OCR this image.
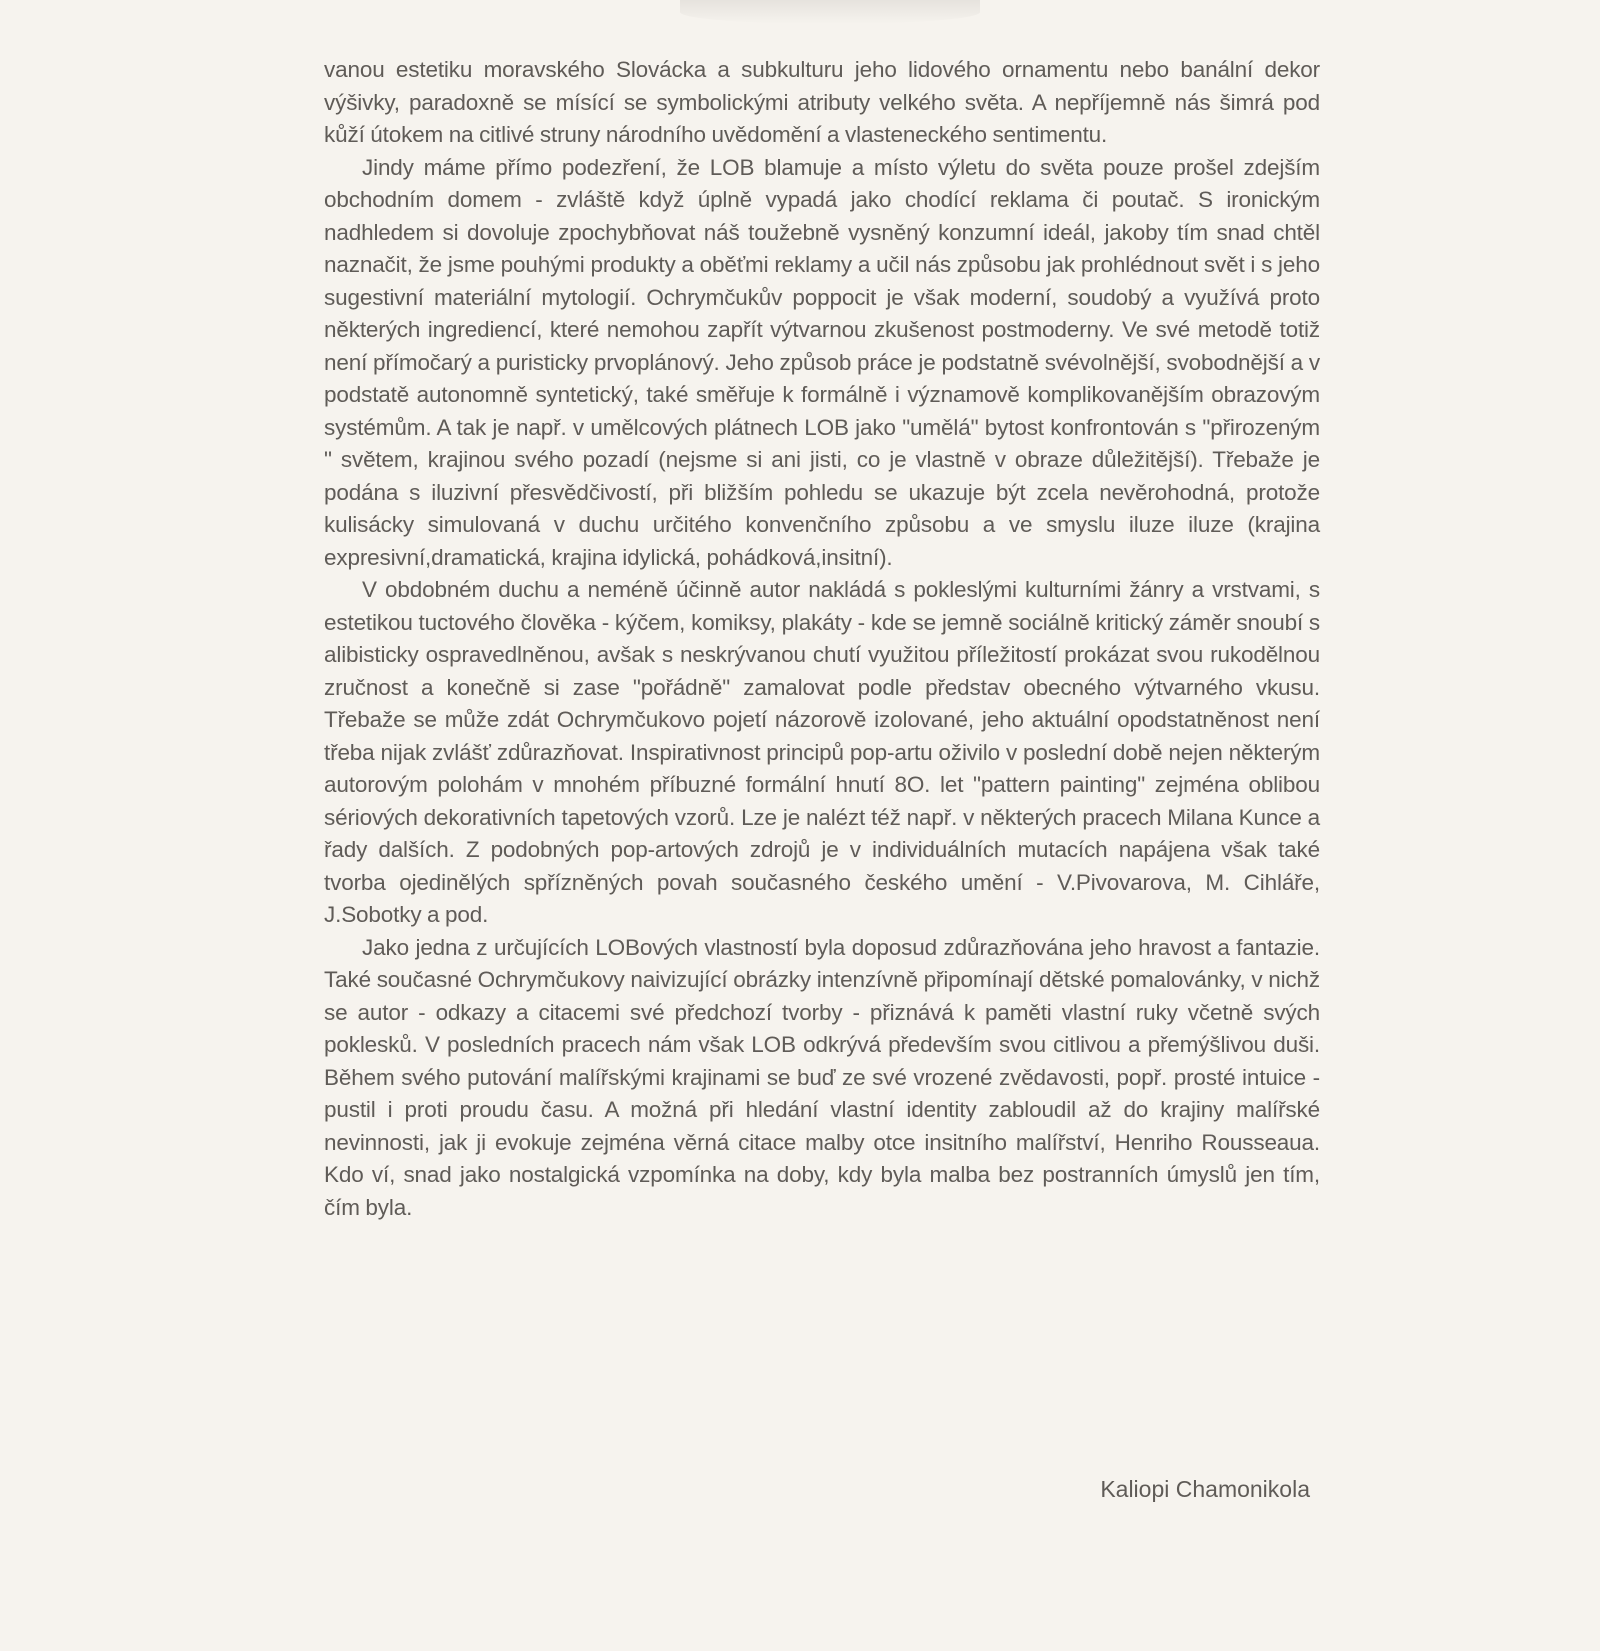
vanou estetiku moravského Slovácka a subkulturu jeho lidového ornamentu nebo banální dekor výšivky, paradoxně se mísící se symbolickými atributy velkého světa. A nepříjemně nás šimrá pod kůží útokem na citlivé struny národního uvědomění a vlasteneckého sentimentu.

Jindy máme přímo podezření, že LOB blamuje a místo výletu do světa pouze prošel zdejším obchodním domem - zvláště když úplně vypadá jako chodící reklama či poutač. S ironickým nadhledem si dovoluje zpochybňovat náš toužebně vysněný konzumní ideál, jakoby tím snad chtěl naznačit, že jsme pouhými produkty a oběťmi reklamy a učil nás způsobu jak prohlédnout svět i s jeho sugestivní materiální mytologií. Ochrymčukův poppocit je však moderní, soudobý a využívá proto některých ingrediencí, které nemohou zapřít výtvarnou zkušenost postmoderny. Ve své metodě totiž není přímočarý a puristicky prvoplánový. Jeho způsob práce je podstatně svévolnější, svobodnější a v podstatě autonomně syntetický, také směřuje k formálně i významově komplikovanějším obrazovým systémům. A tak je např. v umělcových plátnech LOB jako "umělá" bytost konfrontován s "přirozeným " světem, krajinou svého pozadí (nejsme si ani jisti, co je vlastně v obraze důležitější). Třebaže je podána s iluzivní přesvědčivostí, při bližším pohledu se ukazuje být zcela nevěrohodná, protože kulisácky simulovaná v duchu určitého konvenčního způsobu a ve smyslu iluze iluze (krajina expresivní,dramatická, krajina idylická, pohádková,insitní).

V obdobném duchu a neméně účinně autor nakládá s pokleslými kulturními žánry a vrstvami, s estetikou tuctového člověka - kýčem, komiksy, plakáty - kde se jemně sociálně kritický záměr snoubí s alibisticky ospravedlněnou, avšak s neskrývanou chutí využitou příležitostí prokázat svou rukodělnou zručnost a konečně si zase "pořádně" zamalovat podle představ obecného výtvarného vkusu. Třebaže se může zdát Ochrymčukovo pojetí názorově izolované, jeho aktuální opodstatněnost není třeba nijak zvlášť zdůrazňovat. Inspirativnost principů pop-artu oživilo v poslední době nejen některým autorovým polohám v mnohém příbuzné formální hnutí 8O. let "pattern painting" zejména oblibou sériových dekorativních tapetových vzorů. Lze je nalézt též např. v některých pracech Milana Kunce a řady dalších. Z podobných pop-artových zdrojů je v individuálních mutacích napájena však také tvorba ojedinělých spřízněných povah současného českého umění - V.Pivovarova, M. Cihláře, J.Sobotky a pod.

Jako jedna z určujících LOBových vlastností byla doposud zdůrazňována jeho hravost a fantazie. Také současné Ochrymčukovy naivizující obrázky intenzívně připomínají dětské pomalovánky, v nichž se autor - odkazy a citacemi své předchozí tvorby - přiznává k paměti vlastní ruky včetně svých poklesků. V posledních pracech nám však LOB odkrývá především svou citlivou a přemýšlivou duši. Během svého putování malířskými krajinami se buď ze své vrozené zvědavosti, popř. prosté intuice - pustil i proti proudu času. A možná při hledání vlastní identity zabloudil až do krajiny malířské nevinnosti, jak ji evokuje zejména věrná citace malby otce insitního malířství, Henriho Rousseaua. Kdo ví, snad jako nostalgická vzpomínka na doby, kdy byla malba bez postranních úmyslů jen tím, čím byla.

Kaliopi Chamonikola
